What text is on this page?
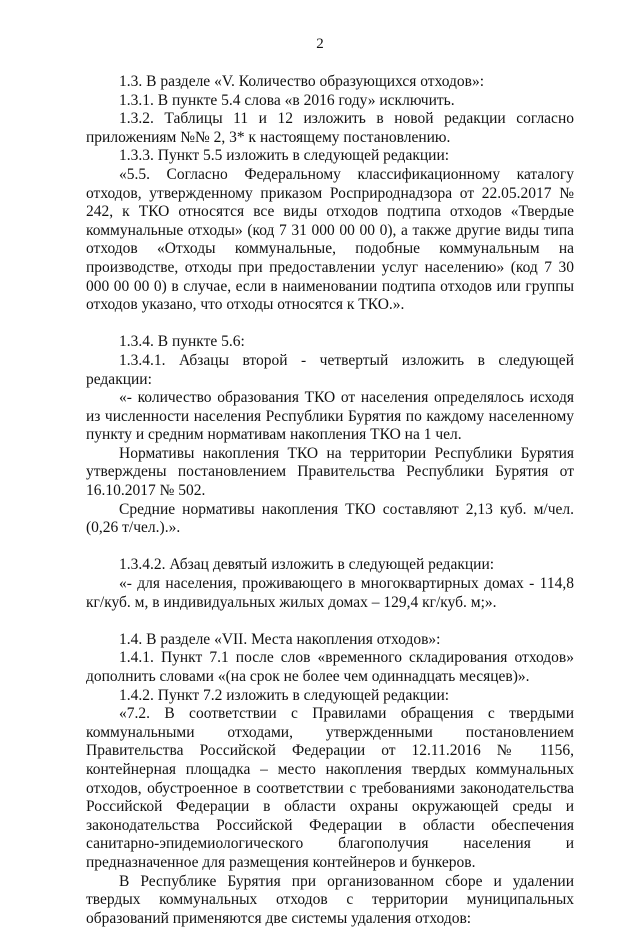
2

1.3. В разделе «V. Количество образующихся отходов»:

1.3.1. В пункте 5.4 слова «в 2016 году» исключить.

1.3.2. Таблицы 11 и 12 изложить в новой редакции согласно приложениям №№ 2, 3* к настоящему постановлению.

1.3.3. Пункт 5.5 изложить в следующей редакции:

«5.5. Согласно Федеральному классификационному каталогу отходов, утвержденному приказом Росприроднадзора от 22.05.2017 № 242, к ТКО относятся все виды отходов подтипа отходов «Твердые коммунальные отходы» (код 7 31 000 00 00 0), а также другие виды типа отходов «Отходы коммунальные, подобные коммунальным на производстве, отходы при предоставлении услуг населению» (код 7 30 000 00 00 0) в случае, если в наименовании подтипа отходов или группы отходов указано, что отходы относятся к ТКО.».

1.3.4. В пункте 5.6:

1.3.4.1. Абзацы второй - четвертый изложить в следующей редакции:

«- количество образования ТКО от населения определялось исходя из численности населения Республики Бурятия по каждому населенному пункту и средним нормативам накопления ТКО на 1 чел.

Нормативы накопления ТКО на территории Республики Бурятия утверждены постановлением Правительства Республики Бурятия от 16.10.2017 № 502.

Средние нормативы накопления ТКО составляют 2,13 куб. м/чел. (0,26 т/чел.).».

1.3.4.2. Абзац девятый изложить в следующей редакции:

«- для населения, проживающего в многоквартирных домах - 114,8 кг/куб. м, в индивидуальных жилых домах – 129,4 кг/куб. м;».

1.4. В разделе «VII. Места накопления отходов»:

1.4.1. Пункт 7.1 после слов «временного складирования отходов» дополнить словами «(на срок не более чем одиннадцать месяцев)».

1.4.2. Пункт 7.2 изложить в следующей редакции:

«7.2. В соответствии с Правилами обращения с твердыми коммунальными отходами, утвержденными постановлением Правительства Российской Федерации от 12.11.2016 № 1156, контейнерная площадка – место накопления твердых коммунальных отходов, обустроенное в соответствии с требованиями законодательства Российской Федерации в области охраны окружающей среды и законодательства Российской Федерации в области обеспечения санитарно-эпидемиологического благополучия населения и предназначенное для размещения контейнеров и бункеров.

В Республике Бурятия при организованном сборе и удалении твердых коммунальных отходов с территории муниципальных образований применяются две системы удаления отходов:
